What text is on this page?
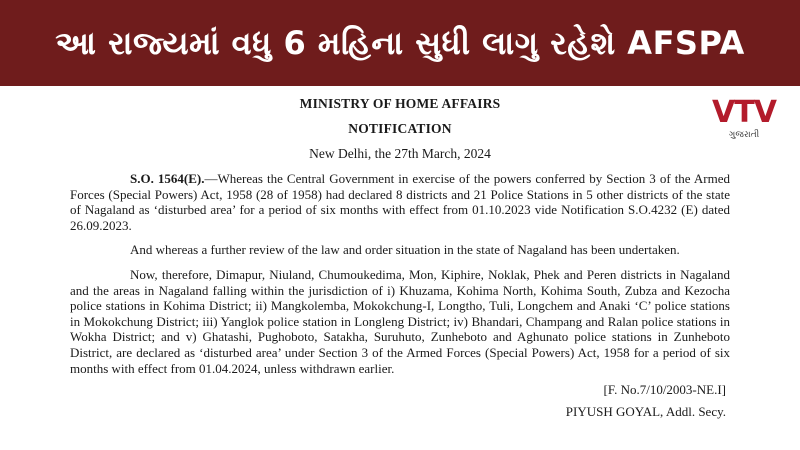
આ રાજ્યમાં વધુ 6 મહિના સુધી લાગુ રહેશે AFSPA
VTV
ગુજરાતી
MINISTRY OF HOME AFFAIRS
NOTIFICATION
New Delhi, the 27th March, 2024
S.O. 1564(E).—Whereas the Central Government in exercise of the powers conferred by Section 3 of the Armed Forces (Special Powers) Act, 1958 (28 of 1958) had declared 8 districts and 21 Police Stations in 5 other districts of the state of Nagaland as ‘disturbed area’ for a period of six months with effect from 01.10.2023 vide Notification S.O.4232 (E) dated 26.09.2023.
And whereas a further review of the law and order situation in the state of Nagaland has been undertaken.
Now, therefore, Dimapur, Niuland, Chumoukedima, Mon, Kiphire, Noklak, Phek and Peren districts in Nagaland and the areas in Nagaland falling within the jurisdiction of i) Khuzama, Kohima North, Kohima South, Zubza and Kezocha police stations in Kohima District; ii) Mangkolemba, Mokokchung-I, Longtho, Tuli, Longchem and Anaki ‘C’ police stations in Mokokchung District; iii) Yanglok police station in Longleng District; iv) Bhandari, Champang and Ralan police stations in Wokha District; and v) Ghatashi, Pughoboto, Satakha, Suruhuto, Zunheboto and Aghunato police stations in Zunheboto District, are declared as ‘disturbed area’ under Section 3 of the Armed Forces (Special Powers) Act, 1958 for a period of six months with effect from 01.04.2024, unless withdrawn earlier.
[F. No.7/10/2003-NE.I]
PIYUSH GOYAL, Addl. Secy.
